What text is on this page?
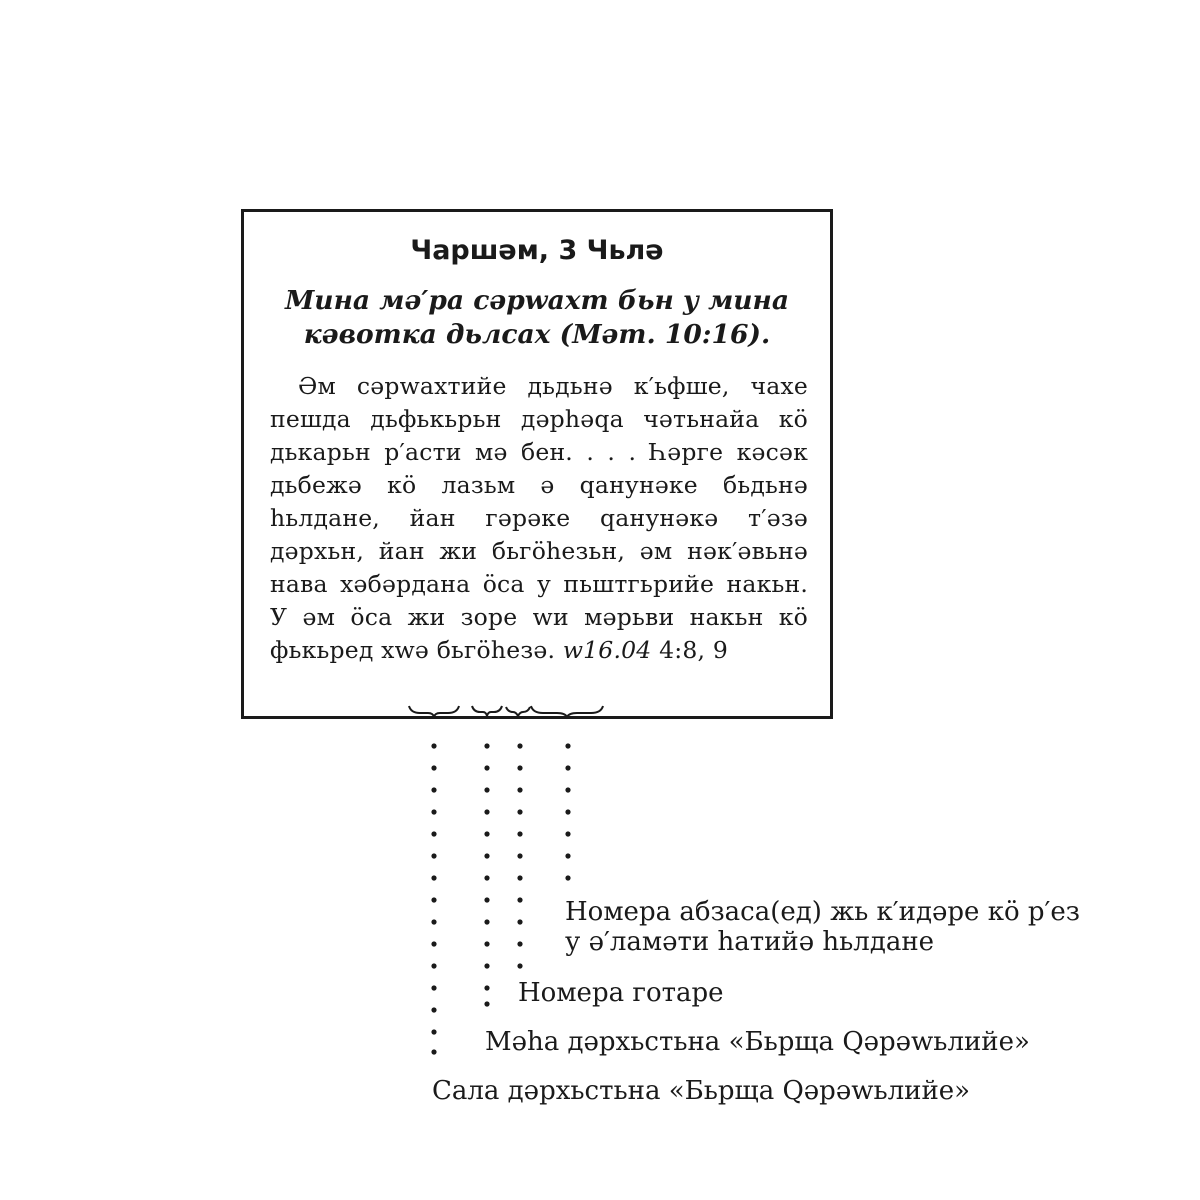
Чаршәм, 3 Чьлә
Мина мә′ра сәрwахт бьн у мина кәвотка дьлсах (Мәт. 10:16).
Әм сәрwахтийе дьдьнә к′ьфше, чахе пешда дьфькьрьн дәрһәqа чәтьнайа кӧ дькарьн р′асти мә бен. . . . Һәрге кәсәк дьбежә кӧ лазьм ә qанунәке бьдьнә һьлдане, йан гәрәке qанунәкә т′әзә дәрхьн, йан жи бьгӧһезьн, әм нәк′әвьнә нава хәбәрдана ӧса у пьштгьрийе накьн. У әм ӧса жи зоре wи мәрьви накьн кӧ фькьред хwә бьгӧһезә. w16.04 4:8, 9
Номера абзаса(ед) жь к′идәре кӧ р′ез у ә′ламәти һатийә һьлдане
Номера готаре
Мәһа дәрхьстьна «Бьрща Qәрәwьлийе»
Сала дәрхьстьна «Бьрща Qәрәwьлийе»
